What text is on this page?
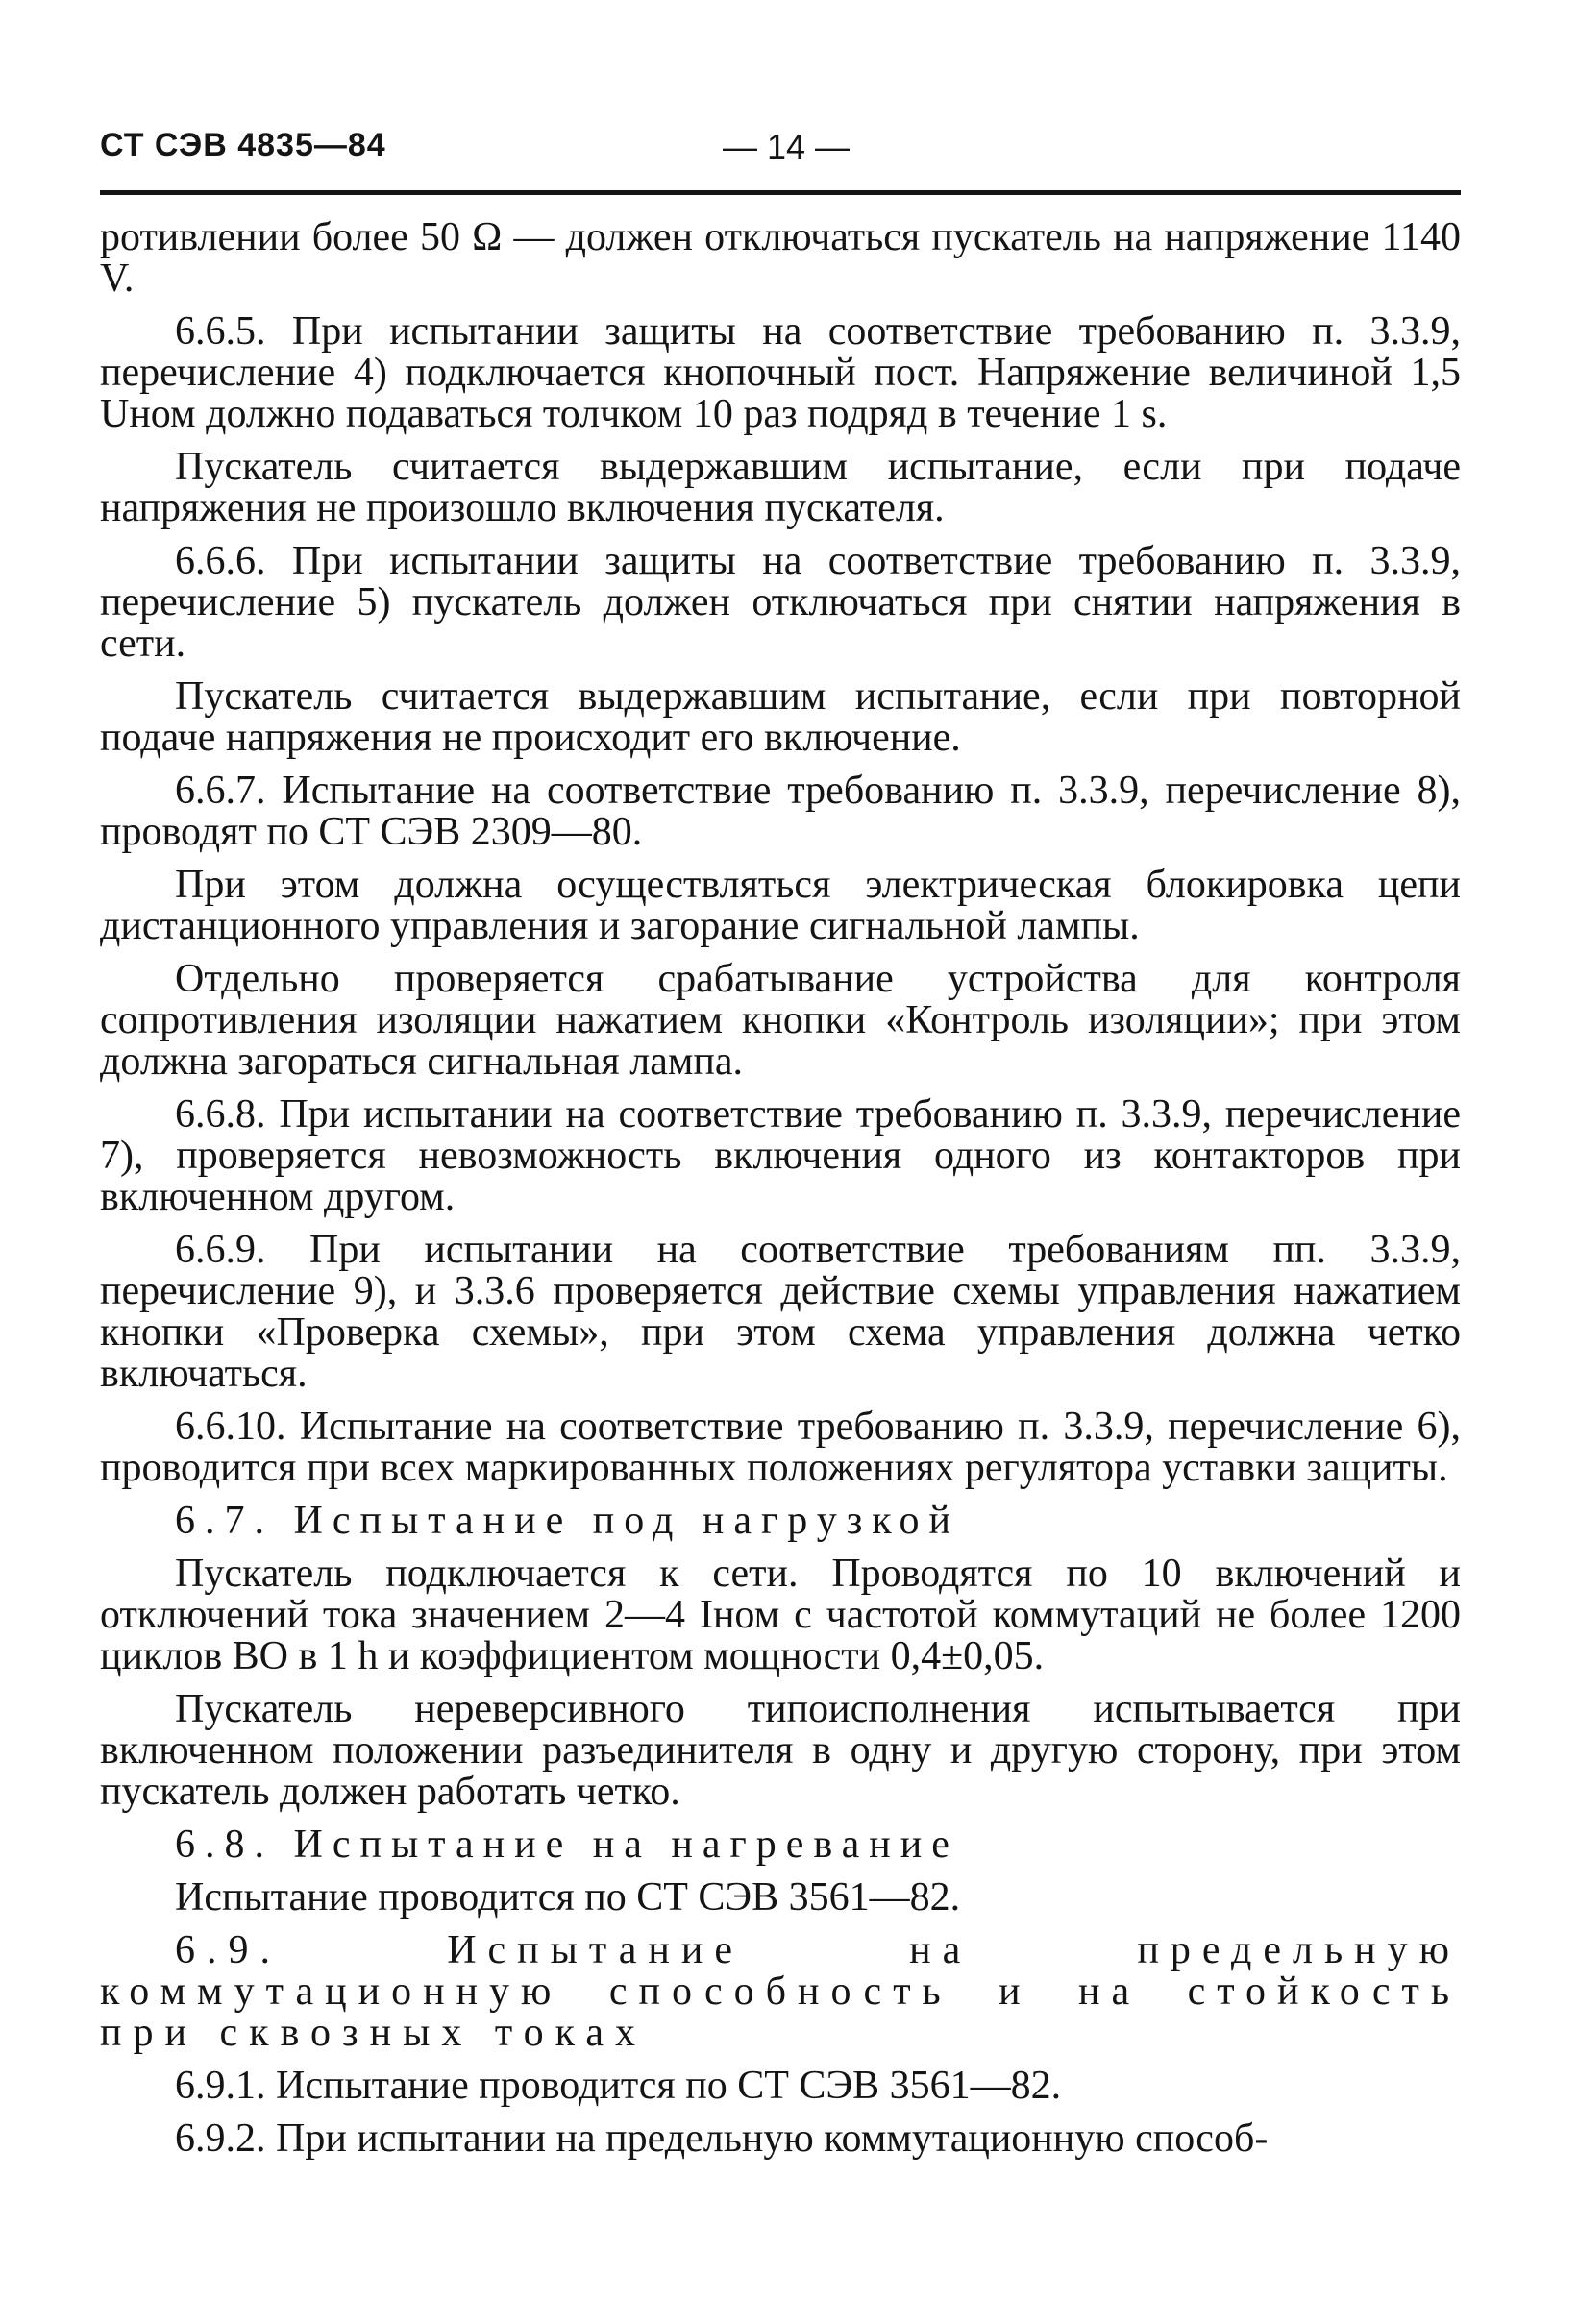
СТ СЭВ 4835—84	— 14 —

ротивлении более 50 Ω — должен отключаться пускатель на напряжение 1140 V.

6.6.5. При испытании защиты на соответствие требованию п. 3.3.9, перечисление 4) подключается кнопочный пост. Напряжение величиной 1,5 Uном должно подаваться толчком 10 раз подряд в течение 1 s.

Пускатель считается выдержавшим испытание, если при подаче напряжения не произошло включения пускателя.

6.6.6. При испытании защиты на соответствие требованию п. 3.3.9, перечисление 5) пускатель должен отключаться при снятии напряжения в сети.

Пускатель считается выдержавшим испытание, если при повторной подаче напряжения не происходит его включение.

6.6.7. Испытание на соответствие требованию п. 3.3.9, перечисление 8), проводят по СТ СЭВ 2309—80.

При этом должна осуществляться электрическая блокировка цепи дистанционного управления и загорание сигнальной лампы.

Отдельно проверяется срабатывание устройства для контроля сопротивления изоляции нажатием кнопки «Контроль изоляции»; при этом должна загораться сигнальная лампа.

6.6.8. При испытании на соответствие требованию п. 3.3.9, перечисление 7), проверяется невозможность включения одного из контакторов при включенном другом.

6.6.9. При испытании на соответствие требованиям пп. 3.3.9, перечисление 9), и 3.3.6 проверяется действие схемы управления нажатием кнопки «Проверка схемы», при этом схема управления должна четко включаться.

6.6.10. Испытание на соответствие требованию п. 3.3.9, перечисление 6), проводится при всех маркированных положениях регулятора уставки защиты.

6.7. Испытание под нагрузкой

Пускатель подключается к сети. Проводятся по 10 включений и отключений тока значением 2—4 Iном с частотой коммутаций не более 1200 циклов ВО в 1 h и коэффициентом мощности 0,4±0,05.

Пускатель нереверсивного типоисполнения испытывается при включенном положении разъединителя в одну и другую сторону, при этом пускатель должен работать четко.

6.8. Испытание на нагревание

Испытание проводится по СТ СЭВ 3561—82.

6.9. Испытание на предельную коммутационную способность и на стойкость при сквозных токах

6.9.1. Испытание проводится по СТ СЭВ 3561—82.

6.9.2. При испытании на предельную коммутационную способ-
